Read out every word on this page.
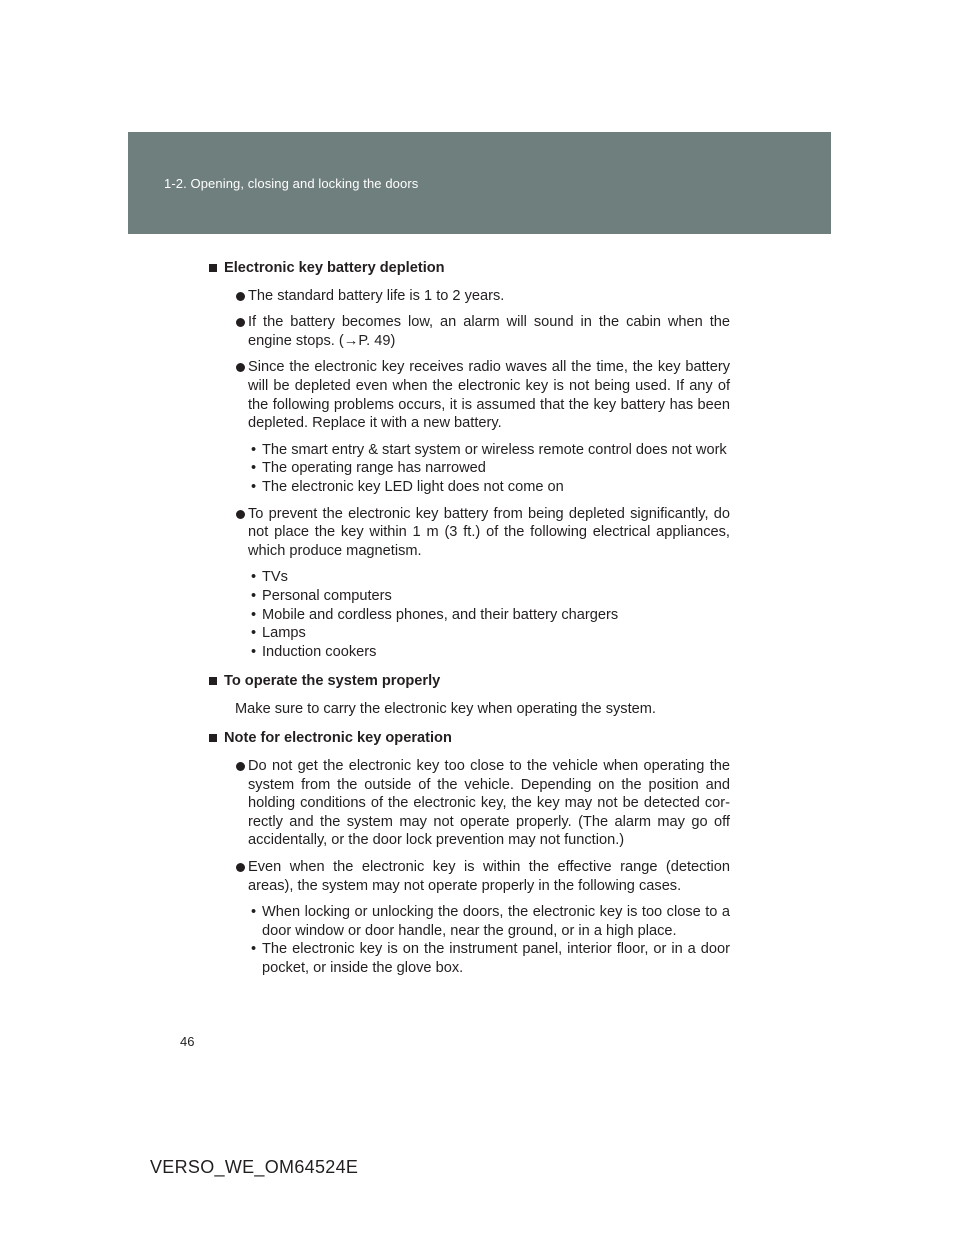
1-2. Opening, closing and locking the doors
Electronic key battery depletion
The standard battery life is 1 to 2 years.
If the battery becomes low, an alarm will sound in the cabin when the engine stops. (→P. 49)
Since the electronic key receives radio waves all the time, the key battery will be depleted even when the electronic key is not being used. If any of the following problems occurs, it is assumed that the key battery has been depleted. Replace it with a new battery.
• The smart entry & start system or wireless remote control does not work
• The operating range has narrowed
• The electronic key LED light does not come on
To prevent the electronic key battery from being depleted significantly, do not place the key within 1 m (3 ft.) of the following electrical appliances, which produce magnetism.
• TVs
• Personal computers
• Mobile and cordless phones, and their battery chargers
• Lamps
• Induction cookers
To operate the system properly
Make sure to carry the electronic key when operating the system.
Note for electronic key operation
Do not get the electronic key too close to the vehicle when operating the system from the outside of the vehicle. Depending on the position and holding conditions of the electronic key, the key may not be detected cor-rectly and the system may not operate properly. (The alarm may go off accidentally, or the door lock prevention may not function.)
Even when the electronic key is within the effective range (detection areas), the system may not operate properly in the following cases.
• When locking or unlocking the doors, the electronic key is too close to a door window or door handle, near the ground, or in a high place.
• The electronic key is on the instrument panel, interior floor, or in a door pocket, or inside the glove box.
46
VERSO_WE_OM64524E
